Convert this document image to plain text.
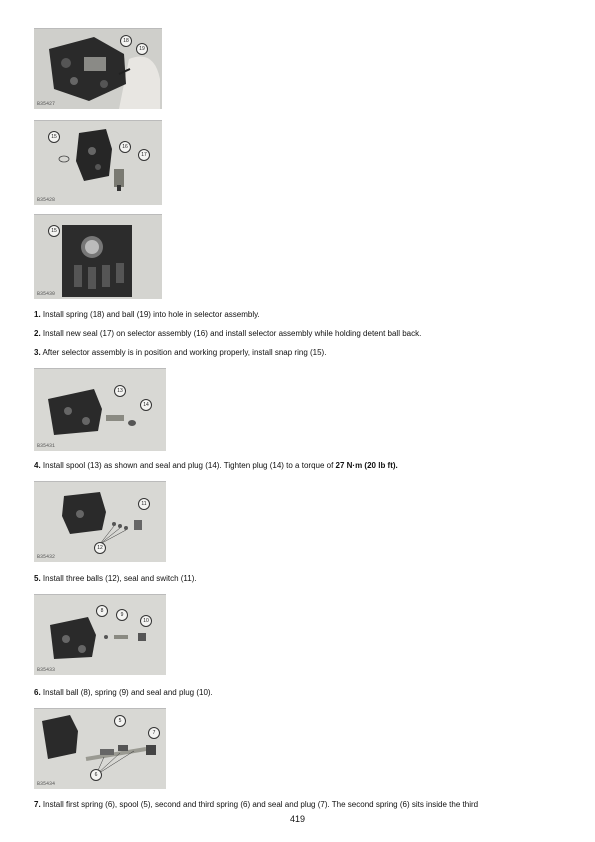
18
19
B35427
15
16
17
B35428
15
B35430
1. Install spring (18) and ball (19) into hole in selector assembly.
2. Install new seal (17) on selector assembly (16) and install selector assembly while holding detent ball back.
3. After selector assembly is in position and working properly, install snap ring (15).
13
14
B35431
4. Install spool (13) as shown and seal and plug (14). Tighten plug (14) to a torque of 27 N·m (20 lb ft).
11
12
B35432
5. Install three balls (12), seal and switch (11).
8
9
10
B35433
6. Install ball (8), spring (9) and seal and plug (10).
5
7
6
B35434
7. Install first spring (6), spool (5), second and third spring (6) and seal and plug (7). The second spring (6) sits inside the third
419
